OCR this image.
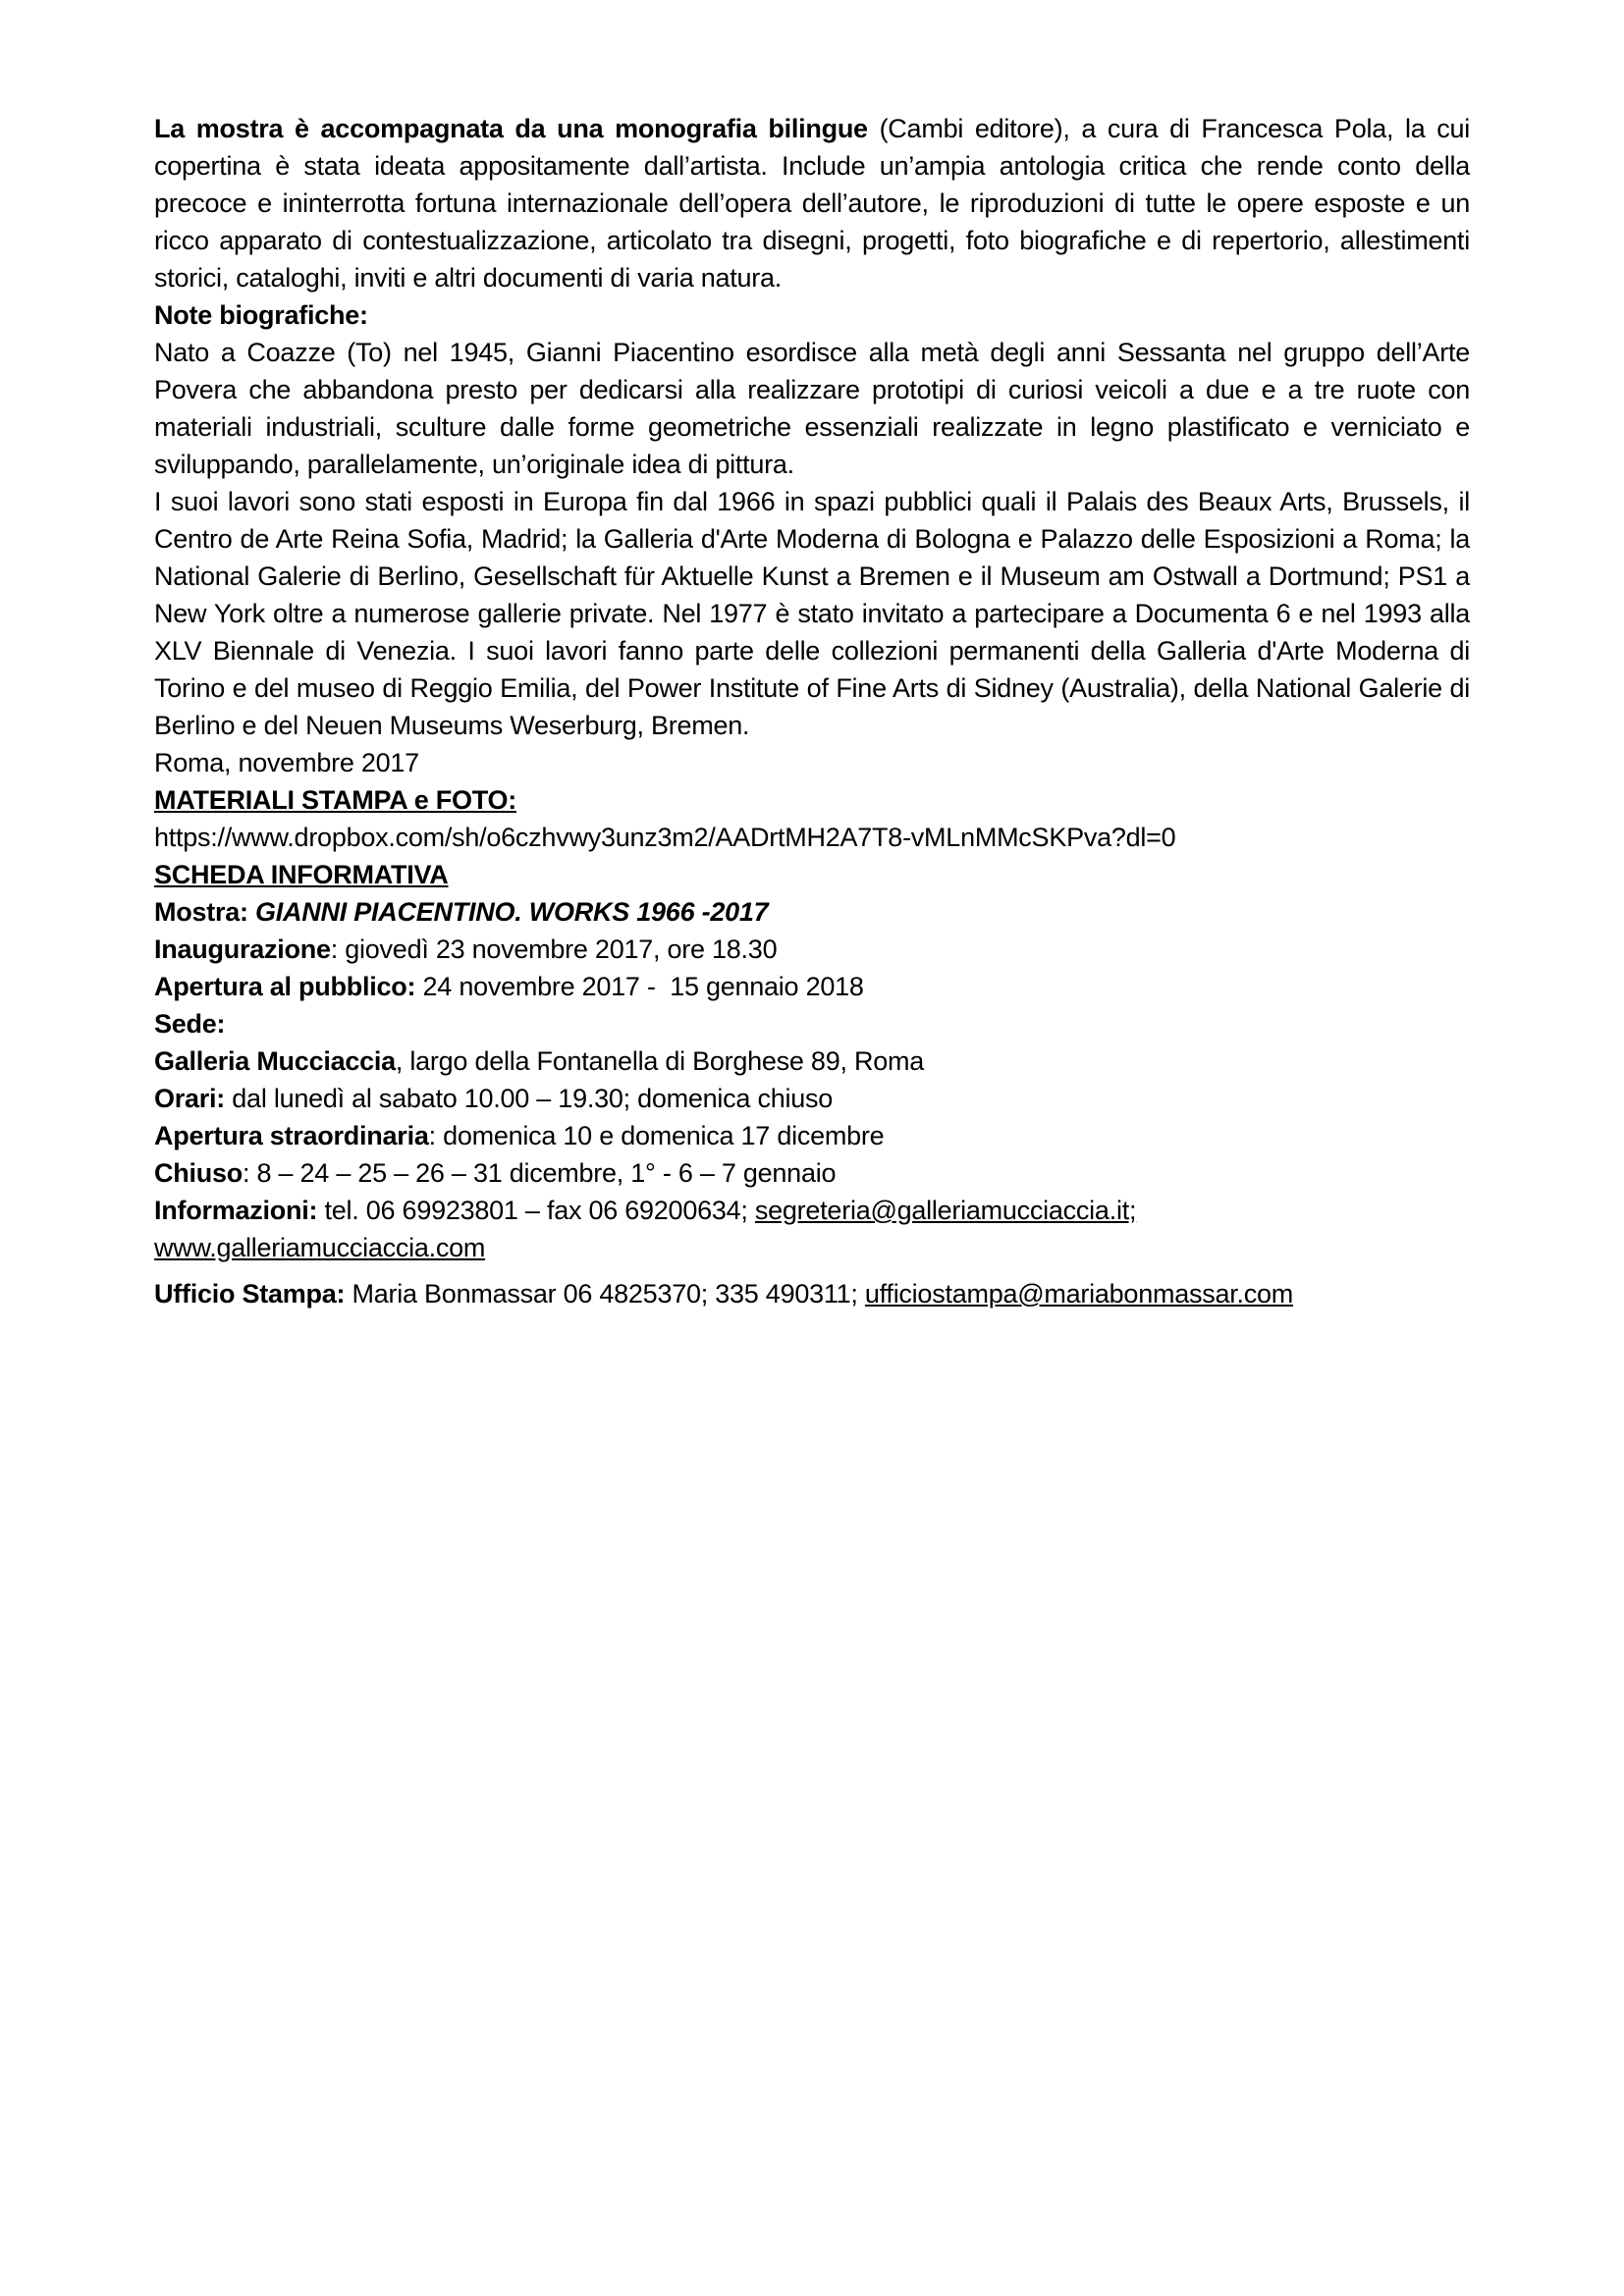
La mostra è accompagnata da una monografia bilingue (Cambi editore), a cura di Francesca Pola, la cui copertina è stata ideata appositamente dall’artista. Include un’ampia antologia critica che rende conto della precoce e ininterrotta fortuna internazionale dell’opera dell’autore, le riproduzioni di tutte le opere esposte e un ricco apparato di contestualizzazione, articolato tra disegni, progetti, foto biografiche e di repertorio, allestimenti storici, cataloghi, inviti e altri documenti di varia natura.

Note biografiche:

Nato a Coazze (To) nel 1945, Gianni Piacentino esordisce alla metà degli anni Sessanta nel gruppo dell’Arte Povera che abbandona presto per dedicarsi alla realizzare prototipi di curiosi veicoli a due e a tre ruote con materiali industriali, sculture dalle forme geometriche essenziali realizzate in legno plastificato e verniciato e sviluppando, parallelamente, un’originale idea di pittura.

I suoi lavori sono stati esposti in Europa fin dal 1966 in spazi pubblici quali il Palais des Beaux Arts, Brussels, il Centro de Arte Reina Sofia, Madrid; la Galleria d'Arte Moderna di Bologna e Palazzo delle Esposizioni a Roma; la National Galerie di Berlino, Gesellschaft für Aktuelle Kunst a Bremen e il Museum am Ostwall a Dortmund; PS1 a New York oltre a numerose gallerie private. Nel 1977 è stato invitato a partecipare a Documenta 6 e nel 1993 alla XLV Biennale di Venezia. I suoi lavori fanno parte delle collezioni permanenti della Galleria d'Arte Moderna di Torino e del museo di Reggio Emilia, del Power Institute of Fine Arts di Sidney (Australia), della National Galerie di Berlino e del Neuen Museums Weserburg, Bremen.

Roma, novembre 2017

MATERIALI STAMPA e FOTO:

https://www.dropbox.com/sh/o6czhvwy3unz3m2/AADrtMH2A7T8-vMLnMMcSKPva?dl=0

SCHEDA INFORMATIVA

Mostra: GIANNI PIACENTINO. WORKS 1966 -2017

Inaugurazione: giovedì 23 novembre 2017, ore 18.30

Apertura al pubblico: 24 novembre 2017 -  15 gennaio 2018

Sede:

Galleria Mucciaccia, largo della Fontanella di Borghese 89, Roma

Orari: dal lunedì al sabato 10.00 – 19.30; domenica chiuso

Apertura straordinaria: domenica 10 e domenica 17 dicembre

Chiuso: 8 – 24 – 25 – 26 – 31 dicembre, 1° - 6 – 7 gennaio

Informazioni: tel. 06 69923801 – fax 06 69200634; segreteria@galleriamucciaccia.it;

www.galleriamucciaccia.com

Ufficio Stampa: Maria Bonmassar 06 4825370; 335 490311; ufficiostampa@mariabonmassar.com
